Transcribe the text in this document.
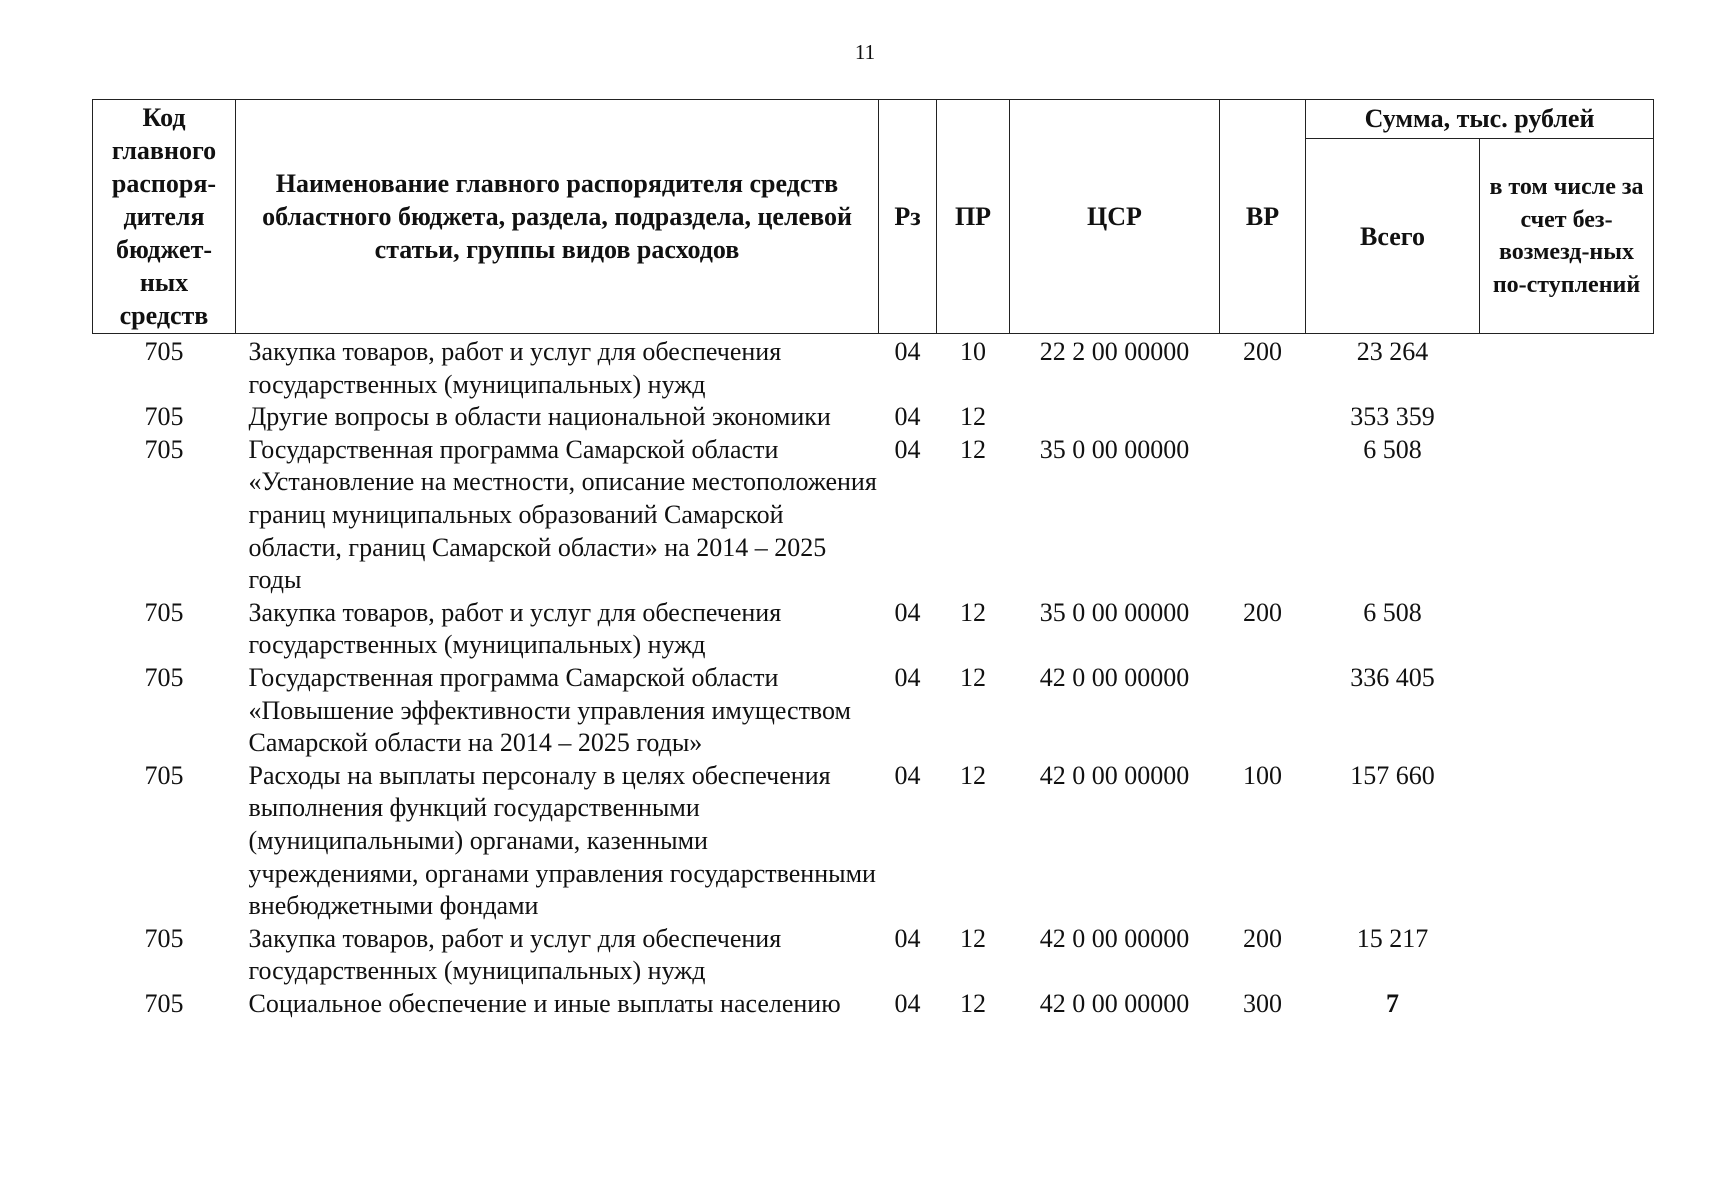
11
Код главного распоря-дителя бюджет-ных средств	Наименование главного распорядителя средств областного бюджета, раздела, подраздела, целевой статьи, группы видов расходов	Рз	ПР	ЦСР	ВР	Сумма, тыс. рублей	
						Всего	в том числе за счет без-возмезд-ных по-ступлений
705	Закупка товаров, работ и услуг для обеспечения государственных (муниципальных) нужд	04	10	22 2 00 00000	200	23 264	
705	Другие вопросы в области национальной экономики	04	12			353 359	
705	Государственная программа Самарской области «Установление на местности, описание местоположения границ муниципальных образований Самарской области, границ Самарской области» на 2014 – 2025 годы	04	12	35 0 00 00000		6 508	
705	Закупка товаров, работ и услуг для обеспечения государственных (муниципальных) нужд	04	12	35 0 00 00000	200	6 508	
705	Государственная программа Самарской области «Повышение эффективности управления имуществом Самарской области на 2014 – 2025 годы»	04	12	42 0 00 00000		336 405	
705	Расходы на выплаты персоналу в целях обеспечения выполнения функций государственными (муниципальными) органами, казенными учреждениями, органами управления государственными внебюджетными фондами	04	12	42 0 00 00000	100	157 660	
705	Закупка товаров, работ и услуг для обеспечения государственных (муниципальных) нужд	04	12	42 0 00 00000	200	15 217	
705	Социальное обеспечение и иные выплаты населению	04	12	42 0 00 00000	300	7	
